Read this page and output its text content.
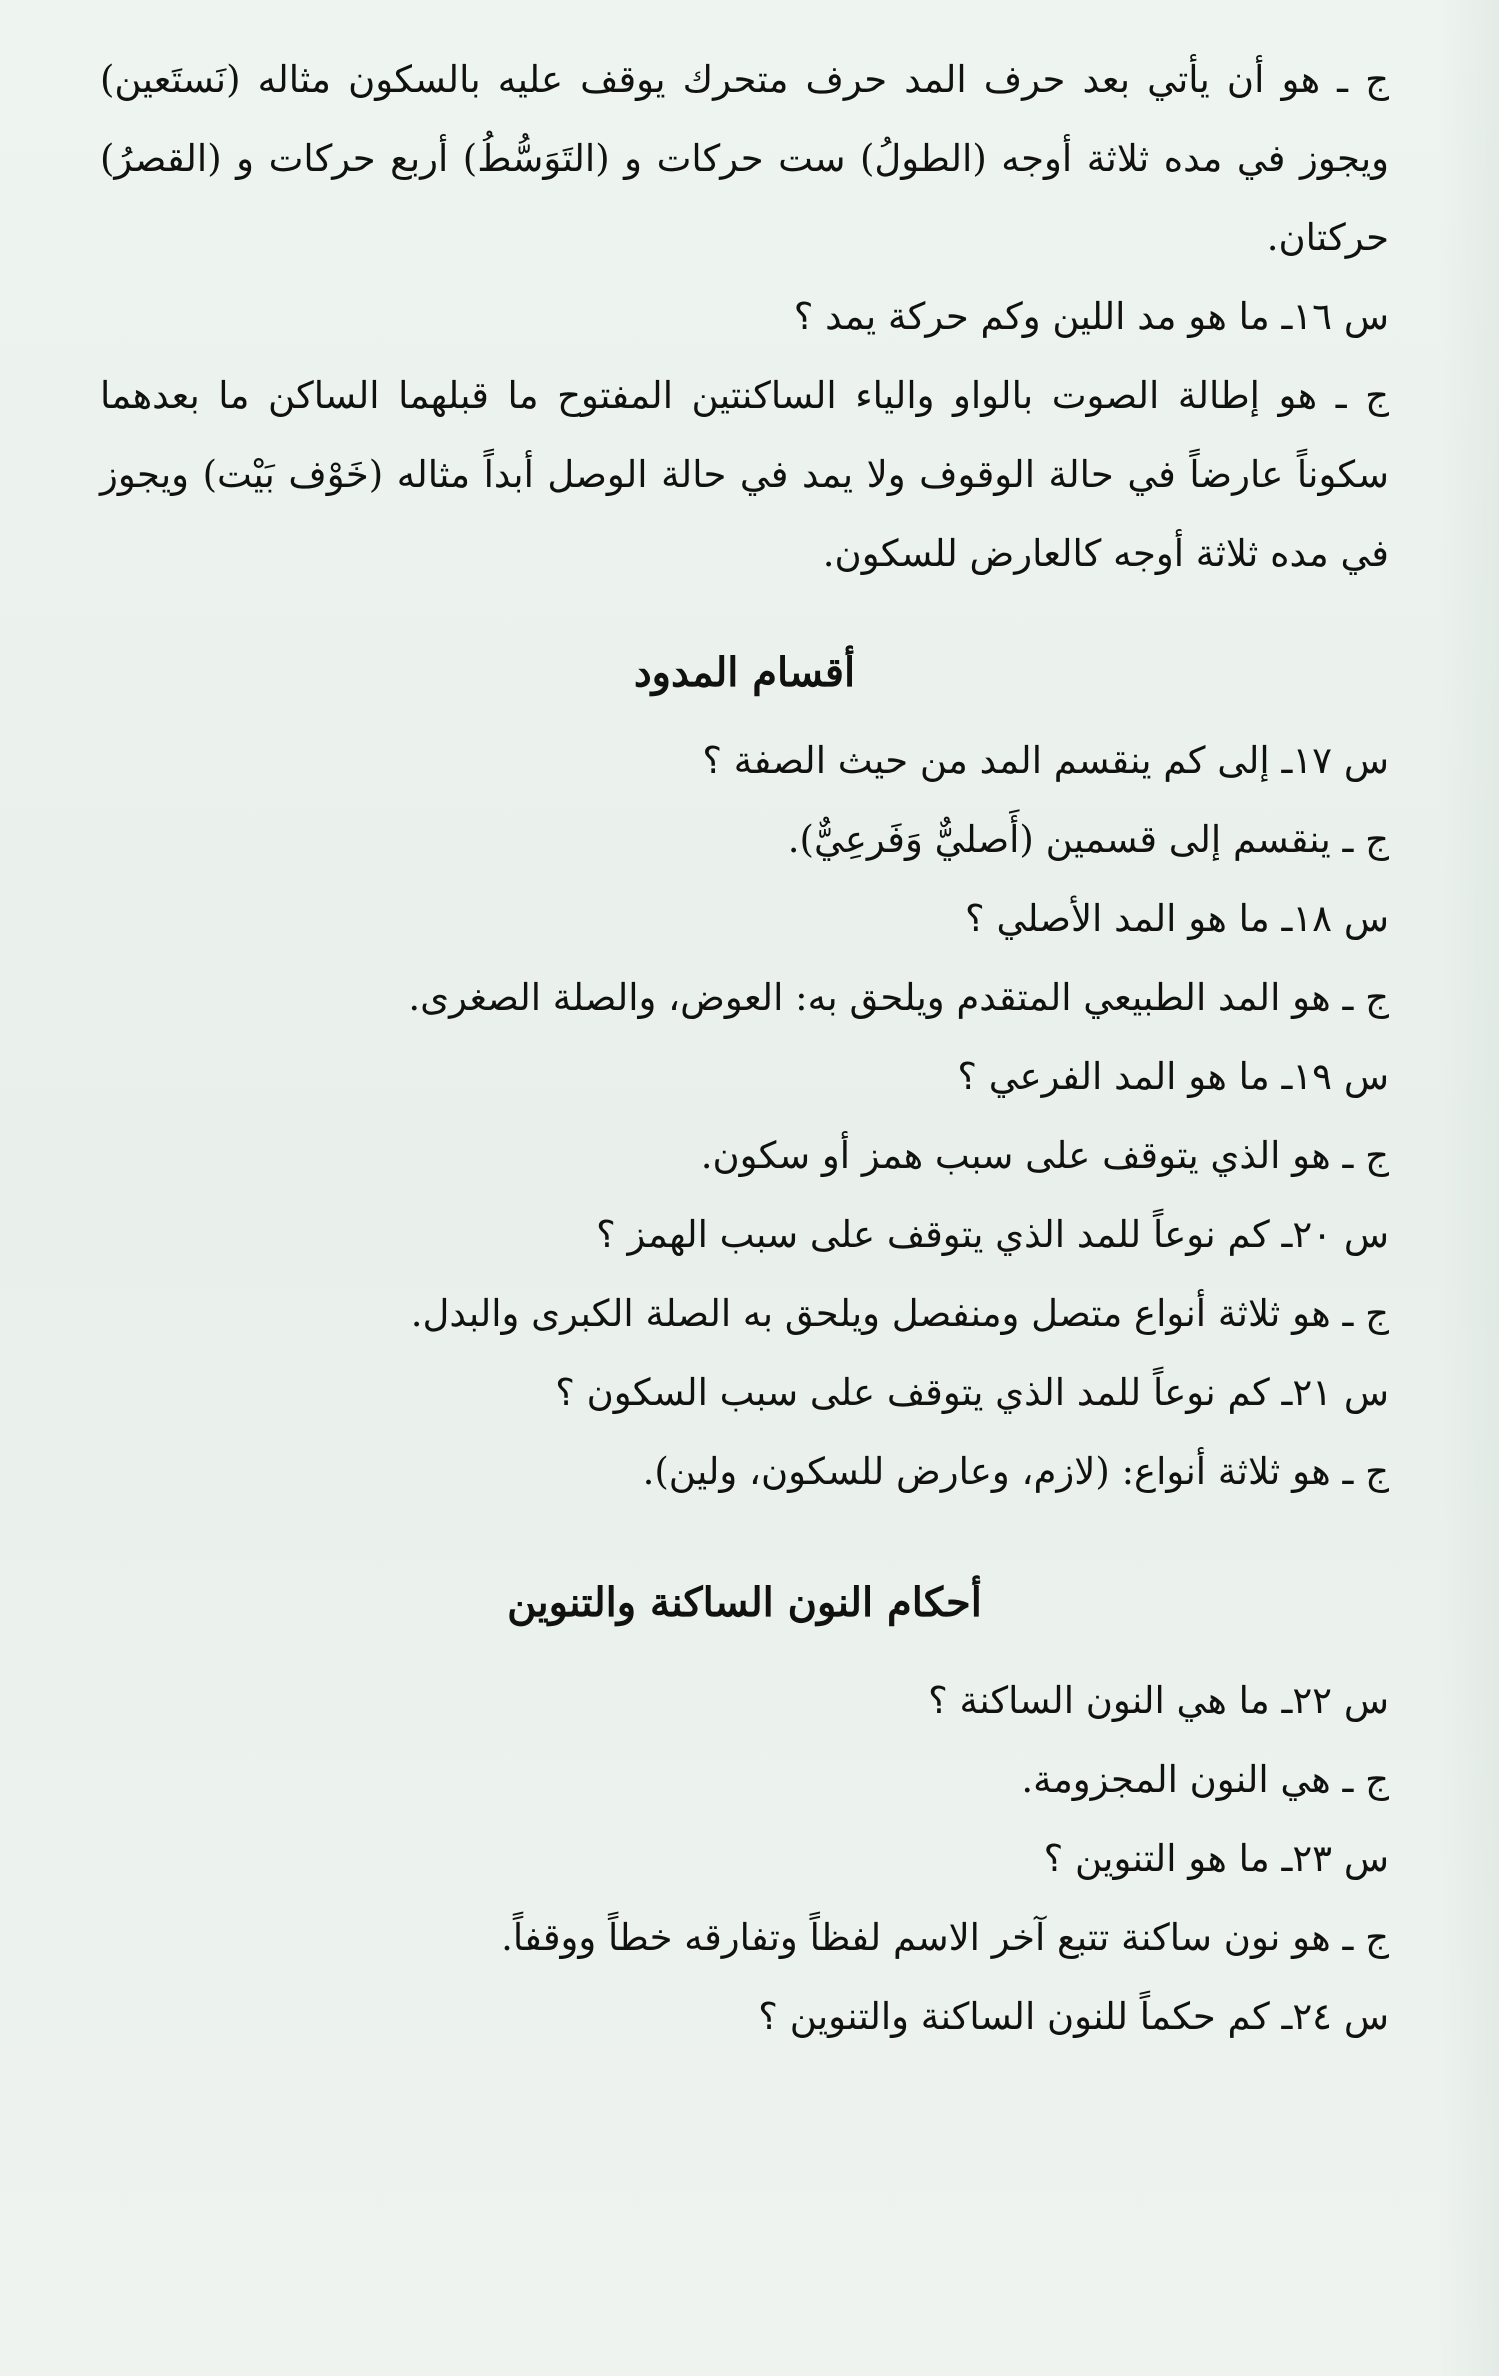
ج ـ هو أن يأتي بعد حرف المد حرف متحرك يوقف عليه بالسكون مثاله (نَستَعين) ويجوز في مده ثلاثة أوجه (الطولُ) ست حركات و (التَوَسُّطُ) أربع حركات و (القصرُ) حركتان.

س ١٦ـ ما هو مد اللين وكم حركة يمد ؟

ج ـ هو إطالة الصوت بالواو والياء الساكنتين المفتوح ما قبلهما الساكن ما بعدهما سكوناً عارضاً في حالة الوقوف ولا يمد في حالة الوصل أبداً مثاله (خَوْف بَيْت) ويجوز في مده ثلاثة أوجه كالعارض للسكون.

أقسام المدود

س ١٧ـ إلى كم ينقسم المد من حيث الصفة ؟

ج ـ ينقسم إلى قسمين (أَصليٌّ وَفَرعِيٌّ).

س ١٨ـ ما هو المد الأصلي ؟

ج ـ هو المد الطبيعي المتقدم ويلحق به: العوض، والصلة الصغرى.

س ١٩ـ ما هو المد الفرعي ؟

ج ـ هو الذي يتوقف على سبب همز أو سكون.

س ٢٠ـ كم نوعاً للمد الذي يتوقف على سبب الهمز ؟

ج ـ هو ثلاثة أنواع متصل ومنفصل ويلحق به الصلة الكبرى والبدل.

س ٢١ـ كم نوعاً للمد الذي يتوقف على سبب السكون ؟

ج ـ هو ثلاثة أنواع: (لازم، وعارض للسكون، ولين).

أحكام النون الساكنة والتنوين

س ٢٢ـ ما هي النون الساكنة ؟

ج ـ هي النون المجزومة.

س ٢٣ـ ما هو التنوين ؟

ج ـ هو نون ساكنة تتبع آخر الاسم لفظاً وتفارقه خطاً ووقفاً.

س ٢٤ـ كم حكماً للنون الساكنة والتنوين ؟
